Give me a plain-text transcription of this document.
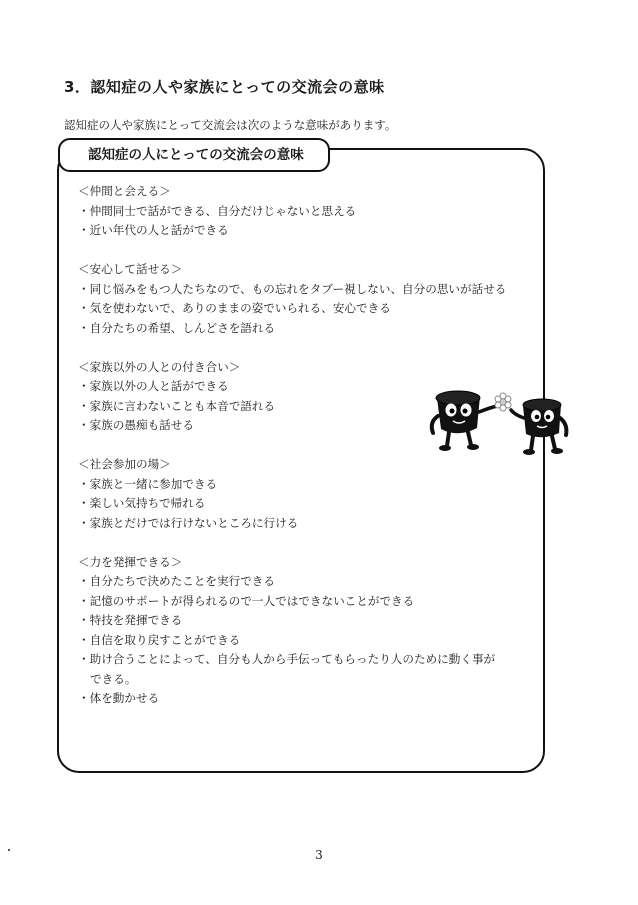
3．認知症の人や家族にとっての交流会の意味
認知症の人や家族にとって交流会は次のような意味があります。
認知症の人にとっての交流会の意味
＜仲間と会える＞
・仲間同士で話ができる、自分だけじゃないと思える
・近い年代の人と話ができる
＜安心して話せる＞
・同じ悩みをもつ人たちなので、もの忘れをタブー視しない、自分の思いが話せる
・気を使わないで、ありのままの姿でいられる、安心できる
・自分たちの希望、しんどさを語れる
＜家族以外の人との付き合い＞
・家族以外の人と話ができる
・家族に言わないことも本音で語れる
・家族の愚痴も話せる
＜社会参加の場＞
・家族と一緒に参加できる
・楽しい気持ちで帰れる
・家族とだけでは行けないところに行ける
＜力を発揮できる＞
・自分たちで決めたことを実行できる
・記憶のサポートが得られるので一人ではできないことができる
・特技を発揮できる
・自信を取り戻すことができる
・助け合うことによって、自分も人から手伝ってもらったり人のために動く事が
できる。
・体を動かせる
3
